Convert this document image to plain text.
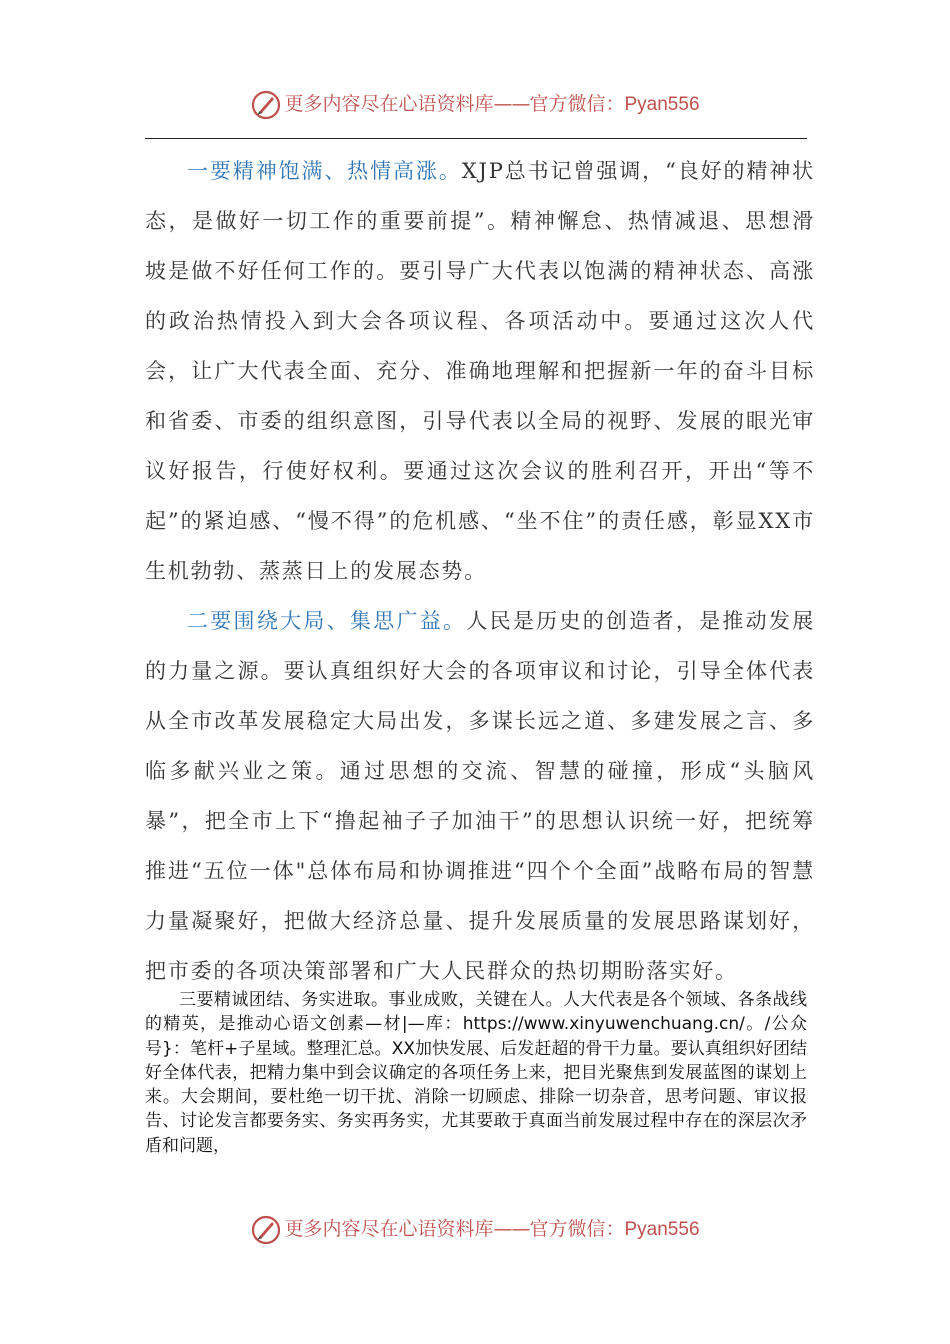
更多内容尽在心语资料库——官方微信：Pyan556

一要精神饱满、热情高涨。XJP总书记曾强调，“良好的精神状态，是做好一切工作的重要前提”。精神懈怠、热情减退、思想滑坡是做不好任何工作的。要引导广大代表以饱满的精神状态、高涨的政治热情投入到大会各项议程、各项活动中。要通过这次人代会，让广大代表全面、充分、准确地理解和把握新一年的奋斗目标和省委、市委的组织意图，引导代表以全局的视野、发展的眼光审议好报告，行使好权利。要通过这次会议的胜利召开，开出“等不起”的紧迫感、“慢不得”的危机感、“坐不住”的责任感，彰显XX市生机勃勃、蒸蒸日上的发展态势。

二要围绕大局、集思广益。人民是历史的创造者，是推动发展的力量之源。要认真组织好大会的各项审议和讨论，引导全体代表从全市改革发展稳定大局出发，多谋长远之道、多建发展之言、多临多献兴业之策。通过思想的交流、智慧的碰撞，形成“头脑风暴”，把全市上下“撸起袖子子加油干”的思想认识统一好，把统筹推进“五位一体"总体布局和协调推进“四个个全面”战略布局的智慧力量凝聚好，把做大经济总量、提升发展质量的发展思路谋划好，把市委的各项决策部署和广大人民群众的热切期盼落实好。

三要精诚团结、务实进取。事业成败，关键在人。人大代表是各个领域、各条战线的精英，是推动心语文创素—材|—库：https://www.xinyuwenchuang.cn/。/公众号}：笔杆+子星域。整理汇总。XX加快发展、后发赶超的骨干力量。要认真组织好团结好全体代表，把精力集中到会议确定的各项任务上来，把目光聚焦到发展蓝图的谋划上来。大会期间，要杜绝一切干扰、消除一切顾虑、排除一切杂音，思考问题、审议报告、讨论发言都要务实、务实再务实，尤其要敢于真面当前发展过程中存在的深层次矛盾和问题，

更多内容尽在心语资料库——官方微信：Pyan556
